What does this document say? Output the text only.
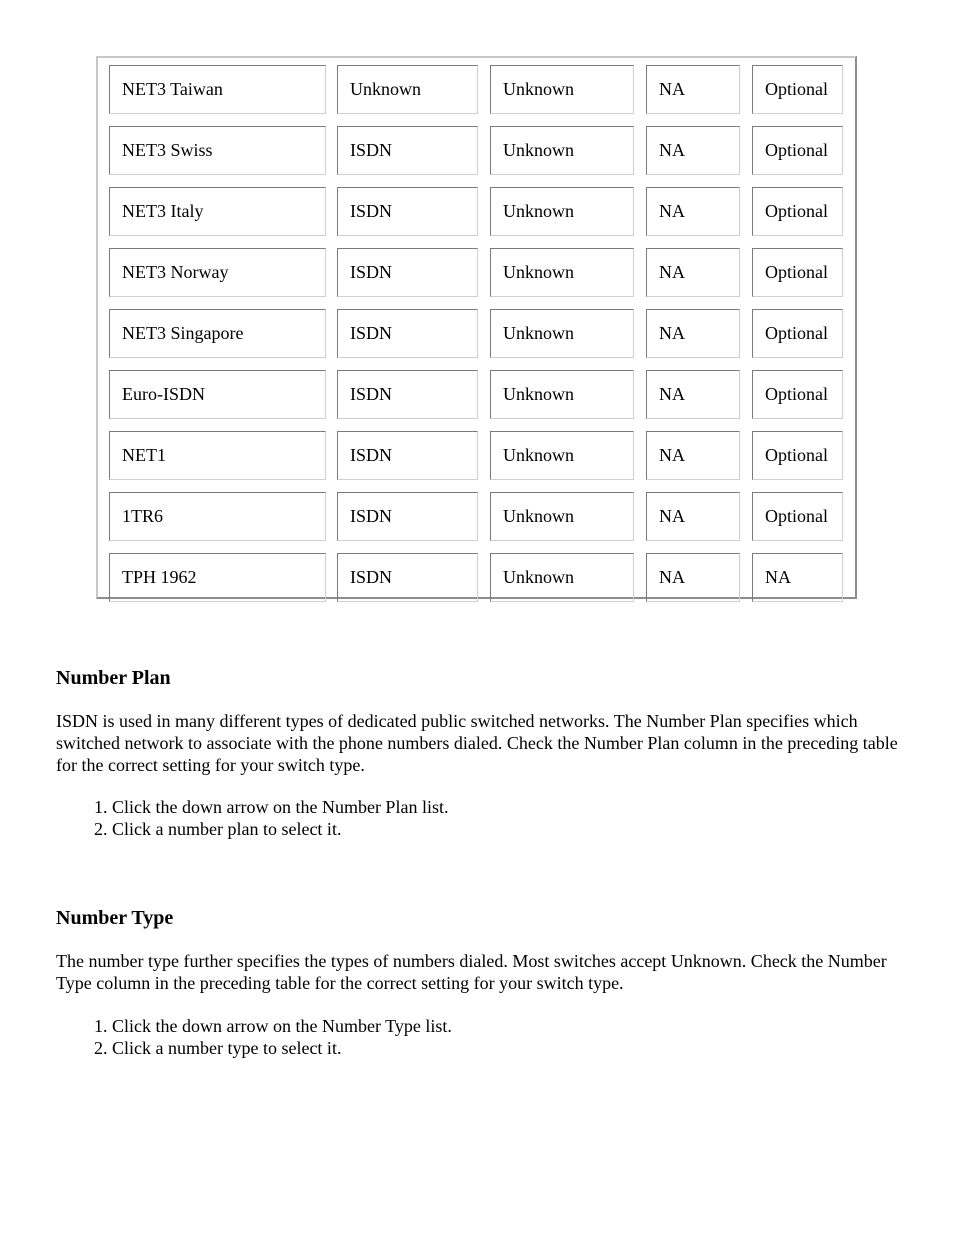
NET3 Taiwan		Unknown		Unknown		NA		Optional

NET3 Swiss		ISDN		Unknown		NA		Optional

NET3 Italy		ISDN		Unknown		NA		Optional

NET3 Norway		ISDN		Unknown		NA		Optional

NET3 Singapore		ISDN		Unknown		NA		Optional

Euro-ISDN		ISDN		Unknown		NA		Optional

NET1		ISDN		Unknown		NA		Optional

1TR6		ISDN		Unknown		NA		Optional

TPH 1962		ISDN		Unknown		NA		NA
Number Plan

ISDN is used in many different types of dedicated public switched networks. The Number Plan specifies which switched network to associate with the phone numbers dialed. Check the Number Plan column in the preceding table for the correct setting for your switch type.

1. Click the down arrow on the Number Plan list.
2. Click a number plan to select it.
Number Type

The number type further specifies the types of numbers dialed. Most switches accept Unknown. Check the Number Type column in the preceding table for the correct setting for your switch type.

1. Click the down arrow on the Number Type list.
2. Click a number type to select it.
